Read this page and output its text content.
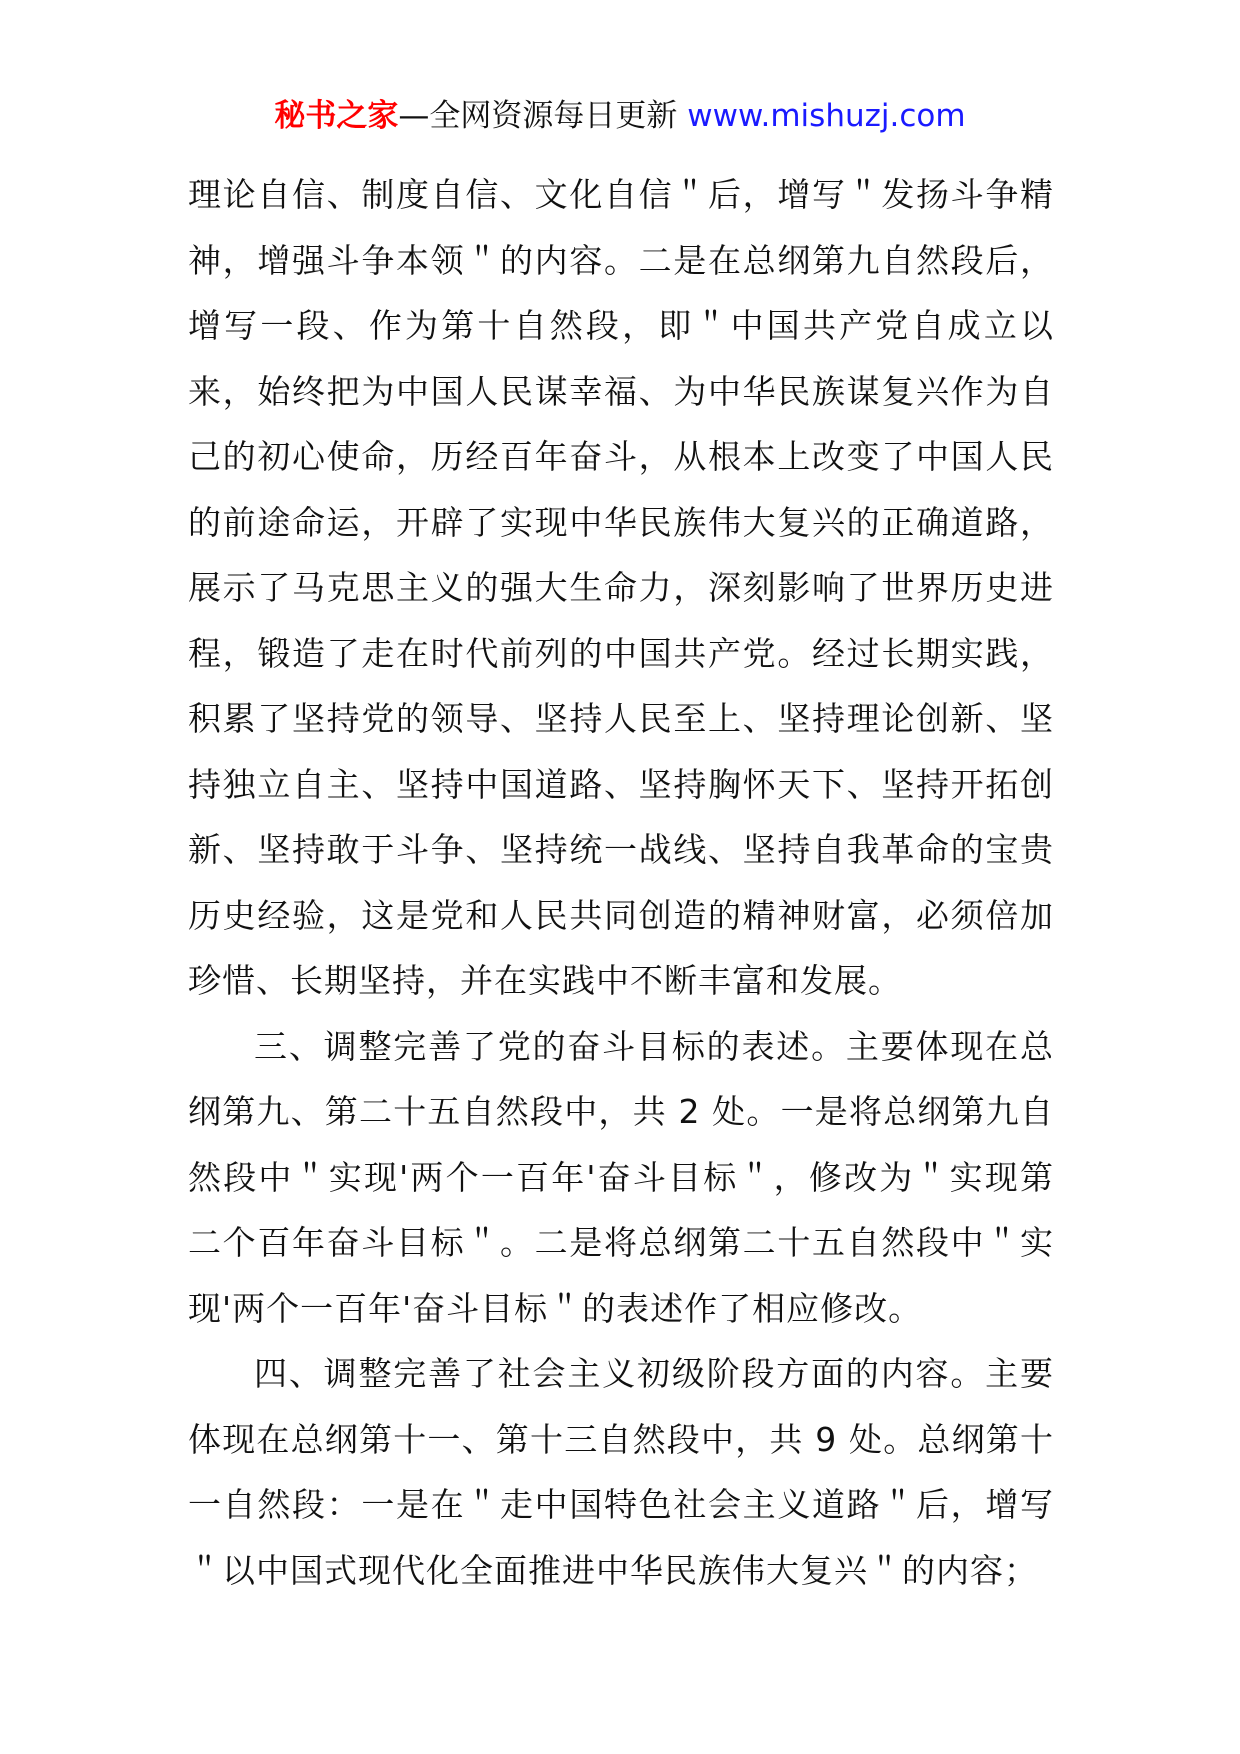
秘书之家—全网资源每日更新 www.mishuzj.com

理论自信、制度自信、文化自信＂后，增写＂发扬斗争精神，增强斗争本领＂的内容。二是在总纲第九自然段后，增写一段、作为第十自然段，即＂中国共产党自成立以来，始终把为中国人民谋幸福、为中华民族谋复兴作为自己的初心使命，历经百年奋斗，从根本上改变了中国人民的前途命运，开辟了实现中华民族伟大复兴的正确道路，展示了马克思主义的强大生命力，深刻影响了世界历史进程，锻造了走在时代前列的中国共产党。经过长期实践，积累了坚持党的领导、坚持人民至上、坚持理论创新、坚持独立自主、坚持中国道路、坚持胸怀天下、坚持开拓创新、坚持敢于斗争、坚持统一战线、坚持自我革命的宝贵历史经验，这是党和人民共同创造的精神财富，必须倍加珍惜、长期坚持，并在实践中不断丰富和发展。

三、调整完善了党的奋斗目标的表述。主要体现在总纲第九、第二十五自然段中，共 2 处。一是将总纲第九自然段中＂实现'两个一百年'奋斗目标＂，修改为＂实现第二个百年奋斗目标＂。二是将总纲第二十五自然段中＂实现'两个一百年'奋斗目标＂的表述作了相应修改。

四、调整完善了社会主义初级阶段方面的内容。主要体现在总纲第十一、第十三自然段中，共 9 处。总纲第十一自然段：一是在＂走中国特色社会主义道路＂后，增写＂以中国式现代化全面推进中华民族伟大复兴＂的内容；
